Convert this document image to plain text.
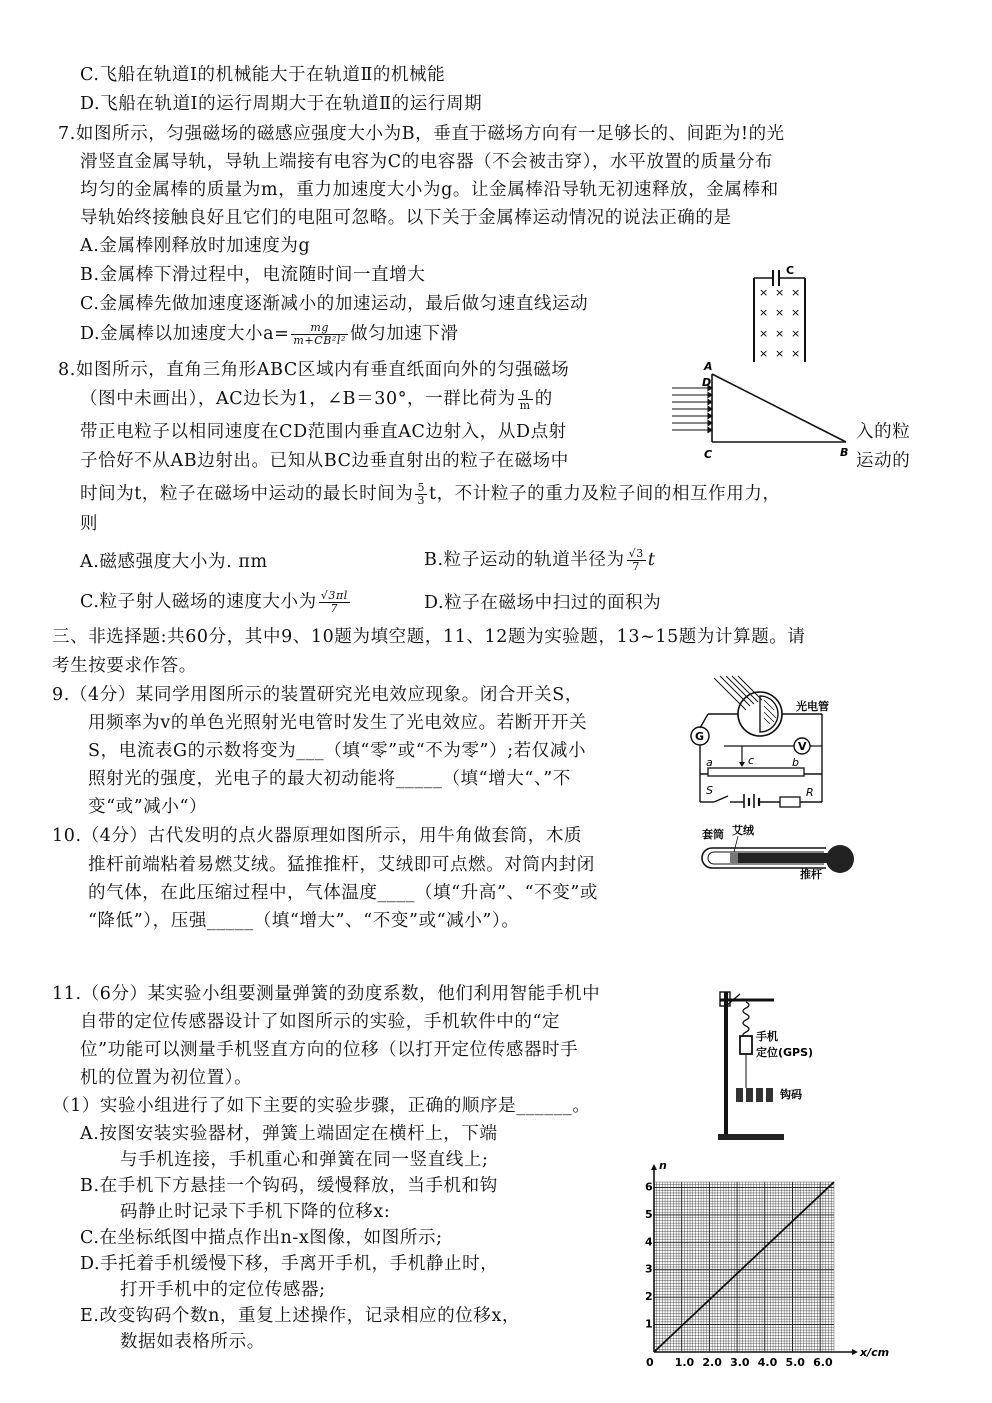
C.飞船在轨道I的机械能大于在轨道Ⅱ的机械能
D.飞船在轨道I的运行周期大于在轨道Ⅱ的运行周期
7.如图所示，匀强磁场的磁感应强度大小为B，垂直于磁场方向有一足够长的、间距为!的光
滑竖直金属导轨，导轨上端接有电容为C的电容器（不会被击穿），水平放置的质量分布
均匀的金属棒的质量为m，重力加速度大小为g。让金属棒沿导轨无初速释放，金属棒和
导轨始终接触良好且它们的电阻可忽略。以下关于金属棒运动情况的说法正确的是
A.金属棒刚释放时加速度为g
B.金属棒下滑过程中，电流随时间一直增大
C.金属棒先做加速度逐渐减小的加速运动，最后做匀速直线运动
D.金属棒以加速度大小$a= \frac{mg}{\text{m+CB²l²}}$ 做匀加速下滑
C
× × ×
× × ×
× × ×
× × ×
8.如图所示，直角三角形ABC区域内有垂直纸面向外的匀强磁场
（图中未画出），AC边长为1，∠B＝30°，一群比荷为 $\frac{q}{m}$ 的
带正电粒子以相同速度在CD范围内垂直AC边射入，从D点射	入的粒
子恰好不从AB边射出。已知从BC边垂直射出的粒子在磁场中	运动的
时间为t，粒子在磁场中运动的最长时间为 $\frac{5}{3}$ t，不计粒子的重力及粒子间的相互作用力，
则
A.磁感强度大小为. πm	B.粒子运动的轨道半径为 $\frac{√3}{7}$ t
C.粒子射人磁场的速度大小为 $\frac{√3\pi l}{7}$	D.粒子在磁场中扫过的面积为
A
D
C	B
三、非选择题:共60分，其中9、10题为填空题，11、12题为实验题，13~15题为计算题。请
考生按要求作答。
9.（4分）某同学用图所示的装置研究光电效应现象。闭合开关S，
用频率为v的单色光照射光电管时发生了光电效应。若断开开关
S，电流表G的示数将变为___（填“零”或“不为零”）;若仅减小
照射光的强度，光电子的最大初动能将_____（填“增大“、”不
变“或”减小“）
光电管
G
V
a	c	b
S	R
10.（4分）古代发明的点火器原理如图所示，用牛角做套筒，木质
推杆前端粘着易燃艾绒。猛推推杆，艾绒即可点燃。对筒内封闭
的气体，在此压缩过程中，气体温度____（填“升高”、“不变”或
“降低”），压强_____（填“增大”、“不变”或“减小”）。
套筒 艾绒
推杆
11.（6分）某实验小组要测量弹簧的劲度系数，他们利用智能手机中
自带的定位传感器设计了如图所示的实验，手机软件中的“定
位”功能可以测量手机竖直方向的位移（以打开定位传感器时手
机的位置为初位置）。
（1）实验小组进行了如下主要的实验步骤，正确的顺序是______。
A.按图安装实验器材，弹簧上端固定在横杆上，下端
与手机连接，手机重心和弹簧在同一竖直线上;
B.在手机下方悬挂一个钩码，缓慢释放，当手机和钩
码静止时记录下手机下降的位移x:
C.在坐标纸图中描点作出n-x图像，如图所示;
D.手托着手机缓慢下移，手离开手机，手机静止时，
打开手机中的定位传感器;
E.改变钩码个数n，重复上述操作，记录相应的位移x，
数据如表格所示。
手机
定位(GPS)
钩码
n
x/cm
0 1.0 2.0 3.0 4.0 5.0 6.0
1
2
3
4
5
6
